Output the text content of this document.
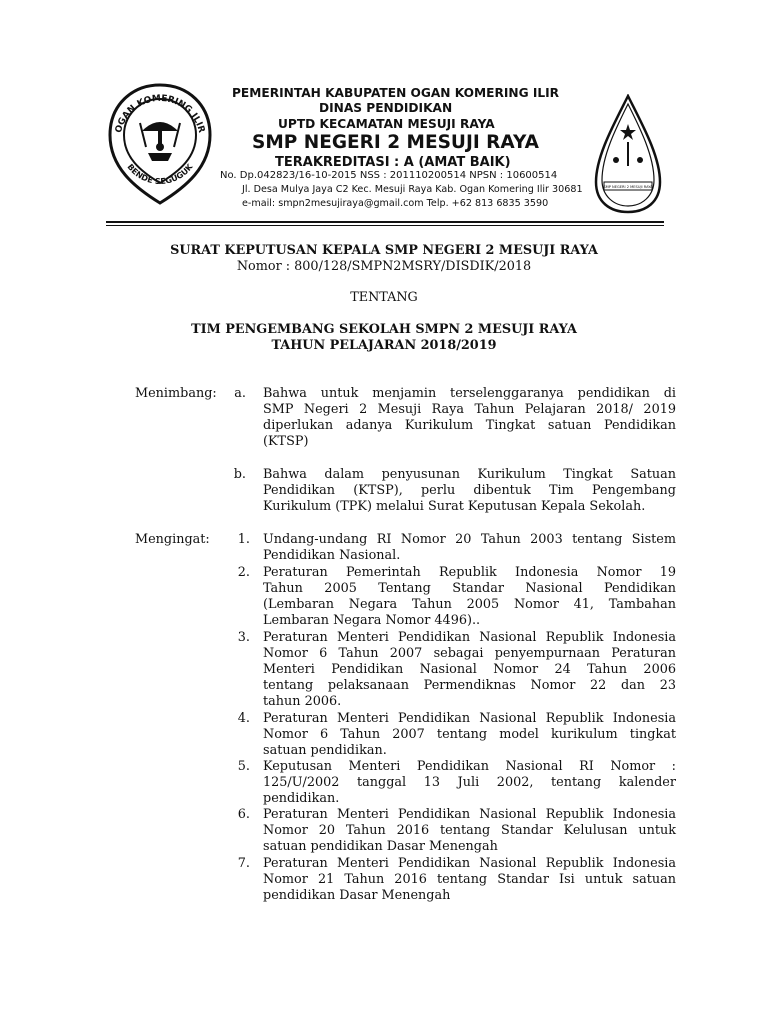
OGAN KOMERING ILIR
BENDE SEGUGUK
PEMERINTAH KABUPATEN OGAN KOMERING ILIR
DINAS PENDIDIKAN
UPTD KECAMATAN MESUJI RAYA
SMP NEGERI 2 MESUJI RAYA
TERAKREDITASI : A (AMAT BAIK)
No. Dp.042823/16-10-2015 NSS : 201110200514 NPSN : 10600514
Jl. Desa Mulya Jaya C2 Kec. Mesuji Raya Kab. Ogan Komering Ilir 30681
e-mail: smpn2mesujiraya@gmail.com Telp. +62 813 6835 3590
SMP NEGERI 2 MESUJI RAYA
SURAT KEPUTUSAN KEPALA SMP NEGERI 2 MESUJI RAYA
Nomor : 800/128/SMPN2MSRY/DISDIK/2018
TENTANG
TIM PENGEMBANG SEKOLAH SMPN 2 MESUJI RAYA
TAHUN PELAJARAN 2018/2019
Menimbang:	a. Bahwa untuk menjamin terselenggaranya pendidikan di
SMP Negeri 2 Mesuji Raya Tahun Pelajaran 2018/ 2019
diperlukan adanya Kurikulum Tingkat satuan Pendidikan
(KTSP)
b. Bahwa dalam penyusunan Kurikulum Tingkat Satuan
Pendidikan (KTSP), perlu dibentuk Tim Pengembang
Kurikulum (TPK) melalui Surat Keputusan Kepala Sekolah.
Mengingat:	1. Undang-undang RI Nomor 20 Tahun 2003 tentang Sistem
Pendidikan Nasional.
2. Peraturan Pemerintah Republik Indonesia Nomor 19
Tahun 2005 Tentang Standar Nasional Pendidikan
(Lembaran Negara Tahun 2005 Nomor 41, Tambahan
Lembaran Negara Nomor 4496)..
3. Peraturan Menteri Pendidikan Nasional Republik Indonesia
Nomor 6 Tahun 2007 sebagai penyempurnaan Peraturan
Menteri Pendidikan Nasional Nomor 24 Tahun 2006
tentang pelaksanaan Permendiknas Nomor 22 dan 23
tahun 2006.
4. Peraturan Menteri Pendidikan Nasional Republik Indonesia
Nomor 6 Tahun 2007 tentang model kurikulum tingkat
satuan pendidikan.
5. Keputusan Menteri Pendidikan Nasional RI Nomor :
125/U/2002 tanggal 13 Juli 2002, tentang kalender
pendidikan.
6. Peraturan Menteri Pendidikan Nasional Republik Indonesia
Nomor 20 Tahun 2016 tentang Standar Kelulusan untuk
satuan pendidikan Dasar Menengah
7. Peraturan Menteri Pendidikan Nasional Republik Indonesia
Nomor 21 Tahun 2016 tentang Standar Isi untuk satuan
pendidikan Dasar Menengah
